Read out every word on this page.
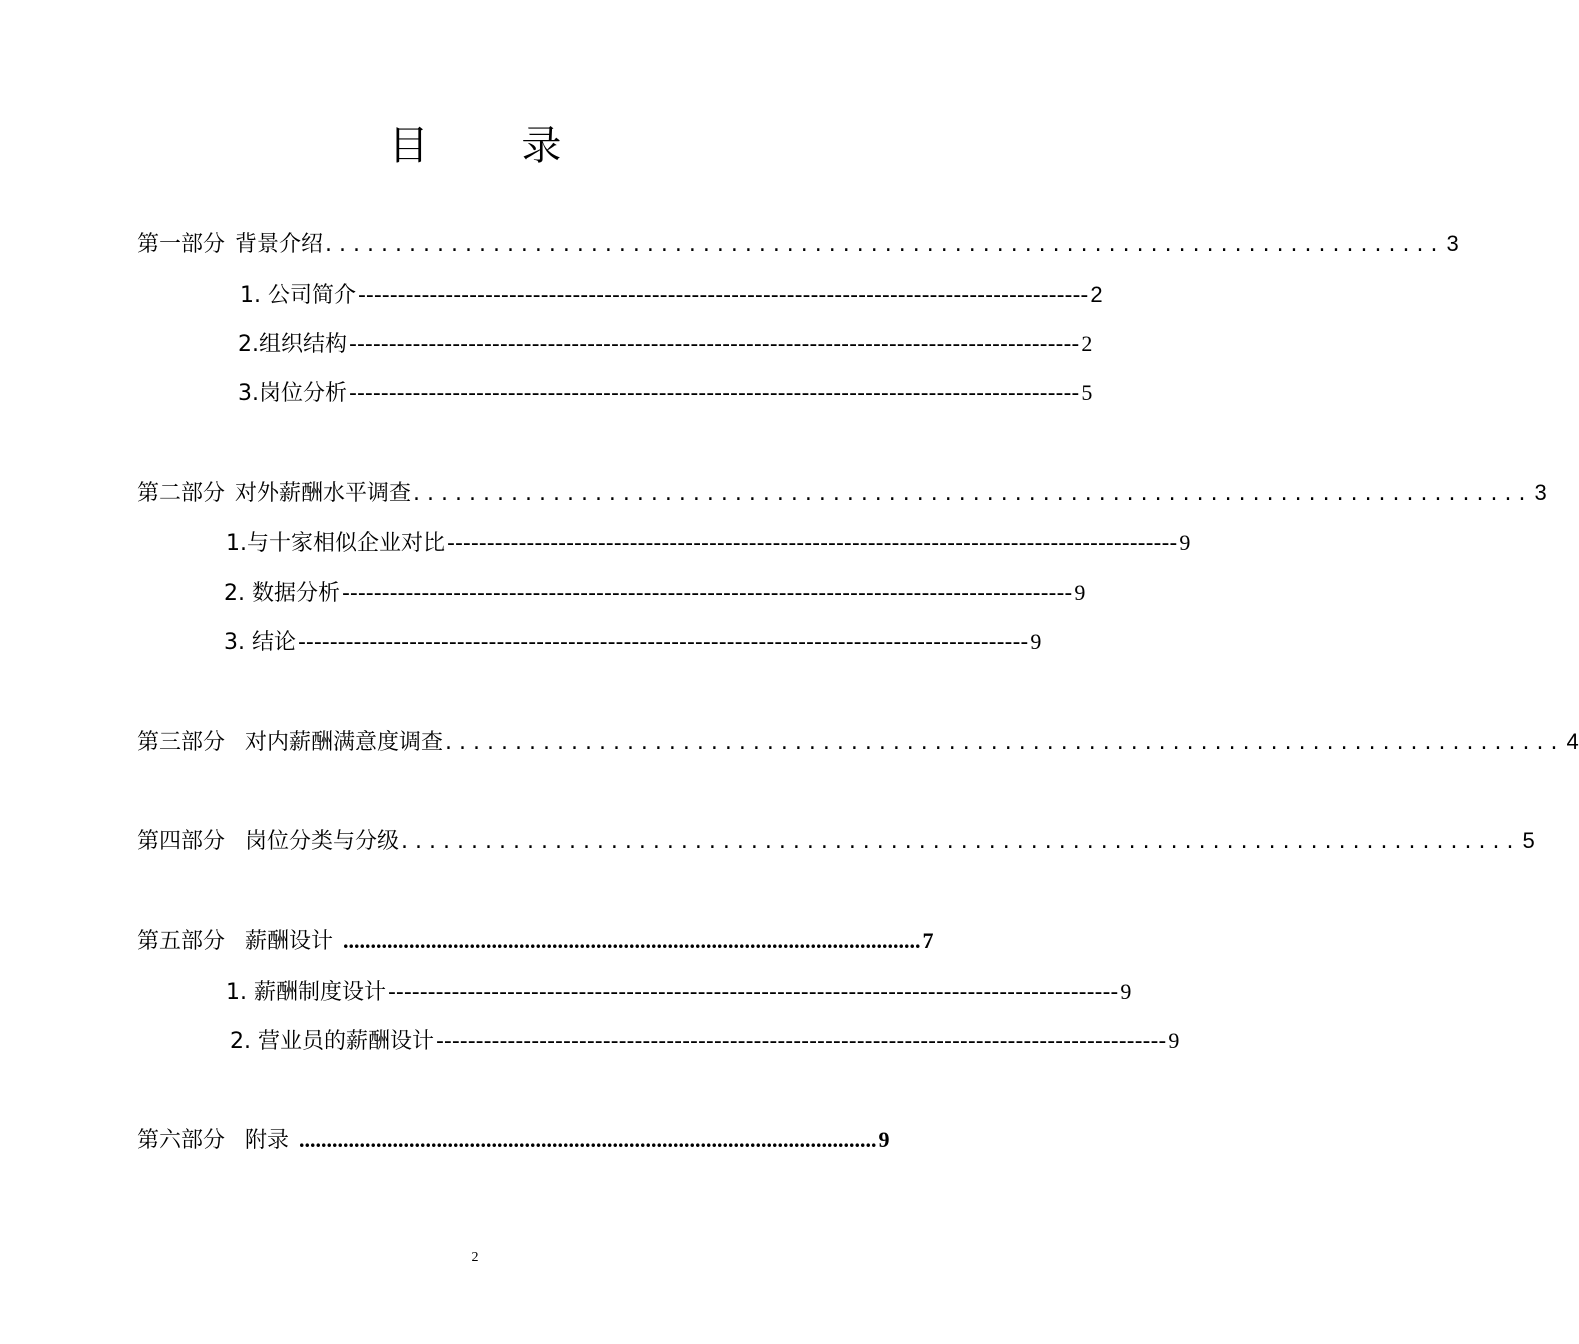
目 录
第一部分 背景介绍 ................................................................................ 3
1. 公司简介 -------------------------------------------------------------------------------------------- 2
2.组织结构 -------------------------------------------------------------------------------------------- 2
3.岗位分析 -------------------------------------------------------------------------------------------- 5
第二部分 对外薪酬水平调查 ................................................................................ 3
1.与十家相似企业对比 -------------------------------------------------------------------------------------------- 9
2. 数据分析 -------------------------------------------------------------------------------------------- 9
3. 结论 -------------------------------------------------------------------------------------------- 9
第三部分 对内薪酬满意度调查 ................................................................................ 4
第四部分 岗位分类与分级 ................................................................................ 5
第五部分 薪酬设计 ......................................................................................................... 7
1. 薪酬制度设计 -------------------------------------------------------------------------------------------- 9
2. 营业员的薪酬设计 -------------------------------------------------------------------------------------------- 9
第六部分 附录 ......................................................................................................... 9
2
